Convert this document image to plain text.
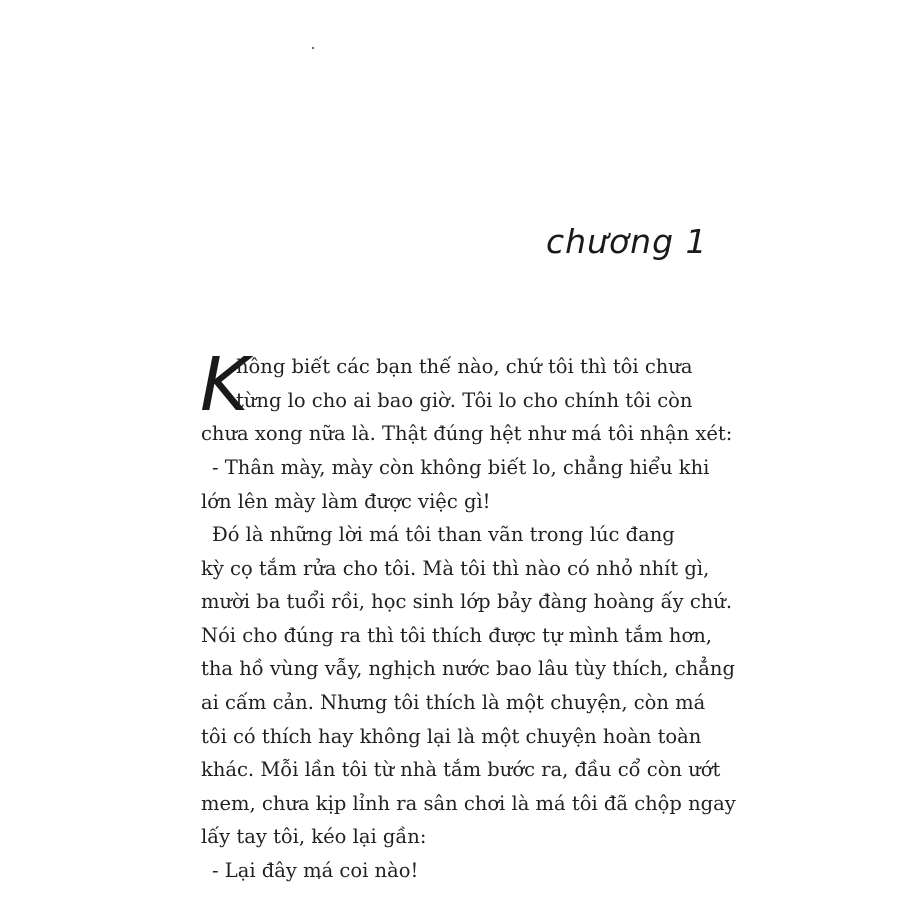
chương 1
K
hông biết các bạn thế nào, chứ tôi thì tôi chưa
từng lo cho ai bao giờ. Tôi lo cho chính tôi còn
chưa xong nữa là. Thật đúng hệt như má tôi nhận xét:
- Thân mày, mày còn không biết lo, chẳng hiểu khi
lớn lên mày làm được việc gì!
Đó là những lời má tôi than vãn trong lúc đang
kỳ cọ tắm rửa cho tôi. Mà tôi thì nào có nhỏ nhít gì,
mười ba tuổi rồi, học sinh lớp bảy đàng hoàng ấy chứ.
Nói cho đúng ra thì tôi thích được tự mình tắm hơn,
tha hồ vùng vẫy, nghịch nước bao lâu tùy thích, chẳng
ai cấm cản. Nhưng tôi thích là một chuyện, còn má
tôi có thích hay không lại là một chuyện hoàn toàn
khác. Mỗi lần tôi từ nhà tắm bước ra, đầu cổ còn ướt
mem, chưa kịp lỉnh ra sân chơi là má tôi đã chộp ngay
lấy tay tôi, kéo lại gần:
- Lại đây má coi nào!
